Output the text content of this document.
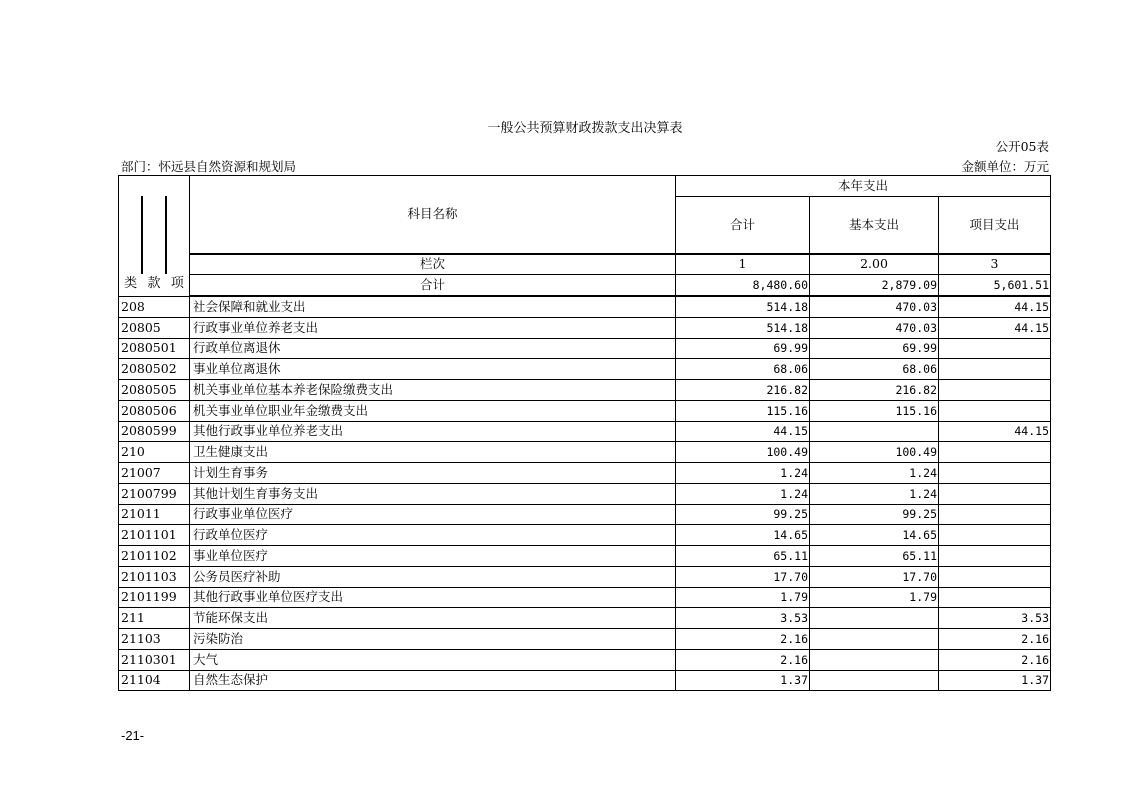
一般公共预算财政拨款支出决算表
公开05表
部门：怀远县自然资源和规划局	金额单位：万元
类 款 项	科目名称	本年支出		
		合计	基本支出	项目支出
	栏次	1	2.00	3
	合计	8,480.60	2,879.09	5,601.51
208	社会保障和就业支出	514.18	470.03	44.15
20805	行政事业单位养老支出	514.18	470.03	44.15
2080501	行政单位离退休	69.99	69.99	
2080502	事业单位离退休	68.06	68.06	
2080505	机关事业单位基本养老保险缴费支出	216.82	216.82	
2080506	机关事业单位职业年金缴费支出	115.16	115.16	
2080599	其他行政事业单位养老支出	44.15		44.15
210	卫生健康支出	100.49	100.49	
21007	计划生育事务	1.24	1.24	
2100799	其他计划生育事务支出	1.24	1.24	
21011	行政事业单位医疗	99.25	99.25	
2101101	行政单位医疗	14.65	14.65	
2101102	事业单位医疗	65.11	65.11	
2101103	公务员医疗补助	17.70	17.70	
2101199	其他行政事业单位医疗支出	1.79	1.79	
211	节能环保支出	3.53		3.53
21103	污染防治	2.16		2.16
2110301	大气	2.16		2.16
21104	自然生态保护	1.37		1.37
-21-
